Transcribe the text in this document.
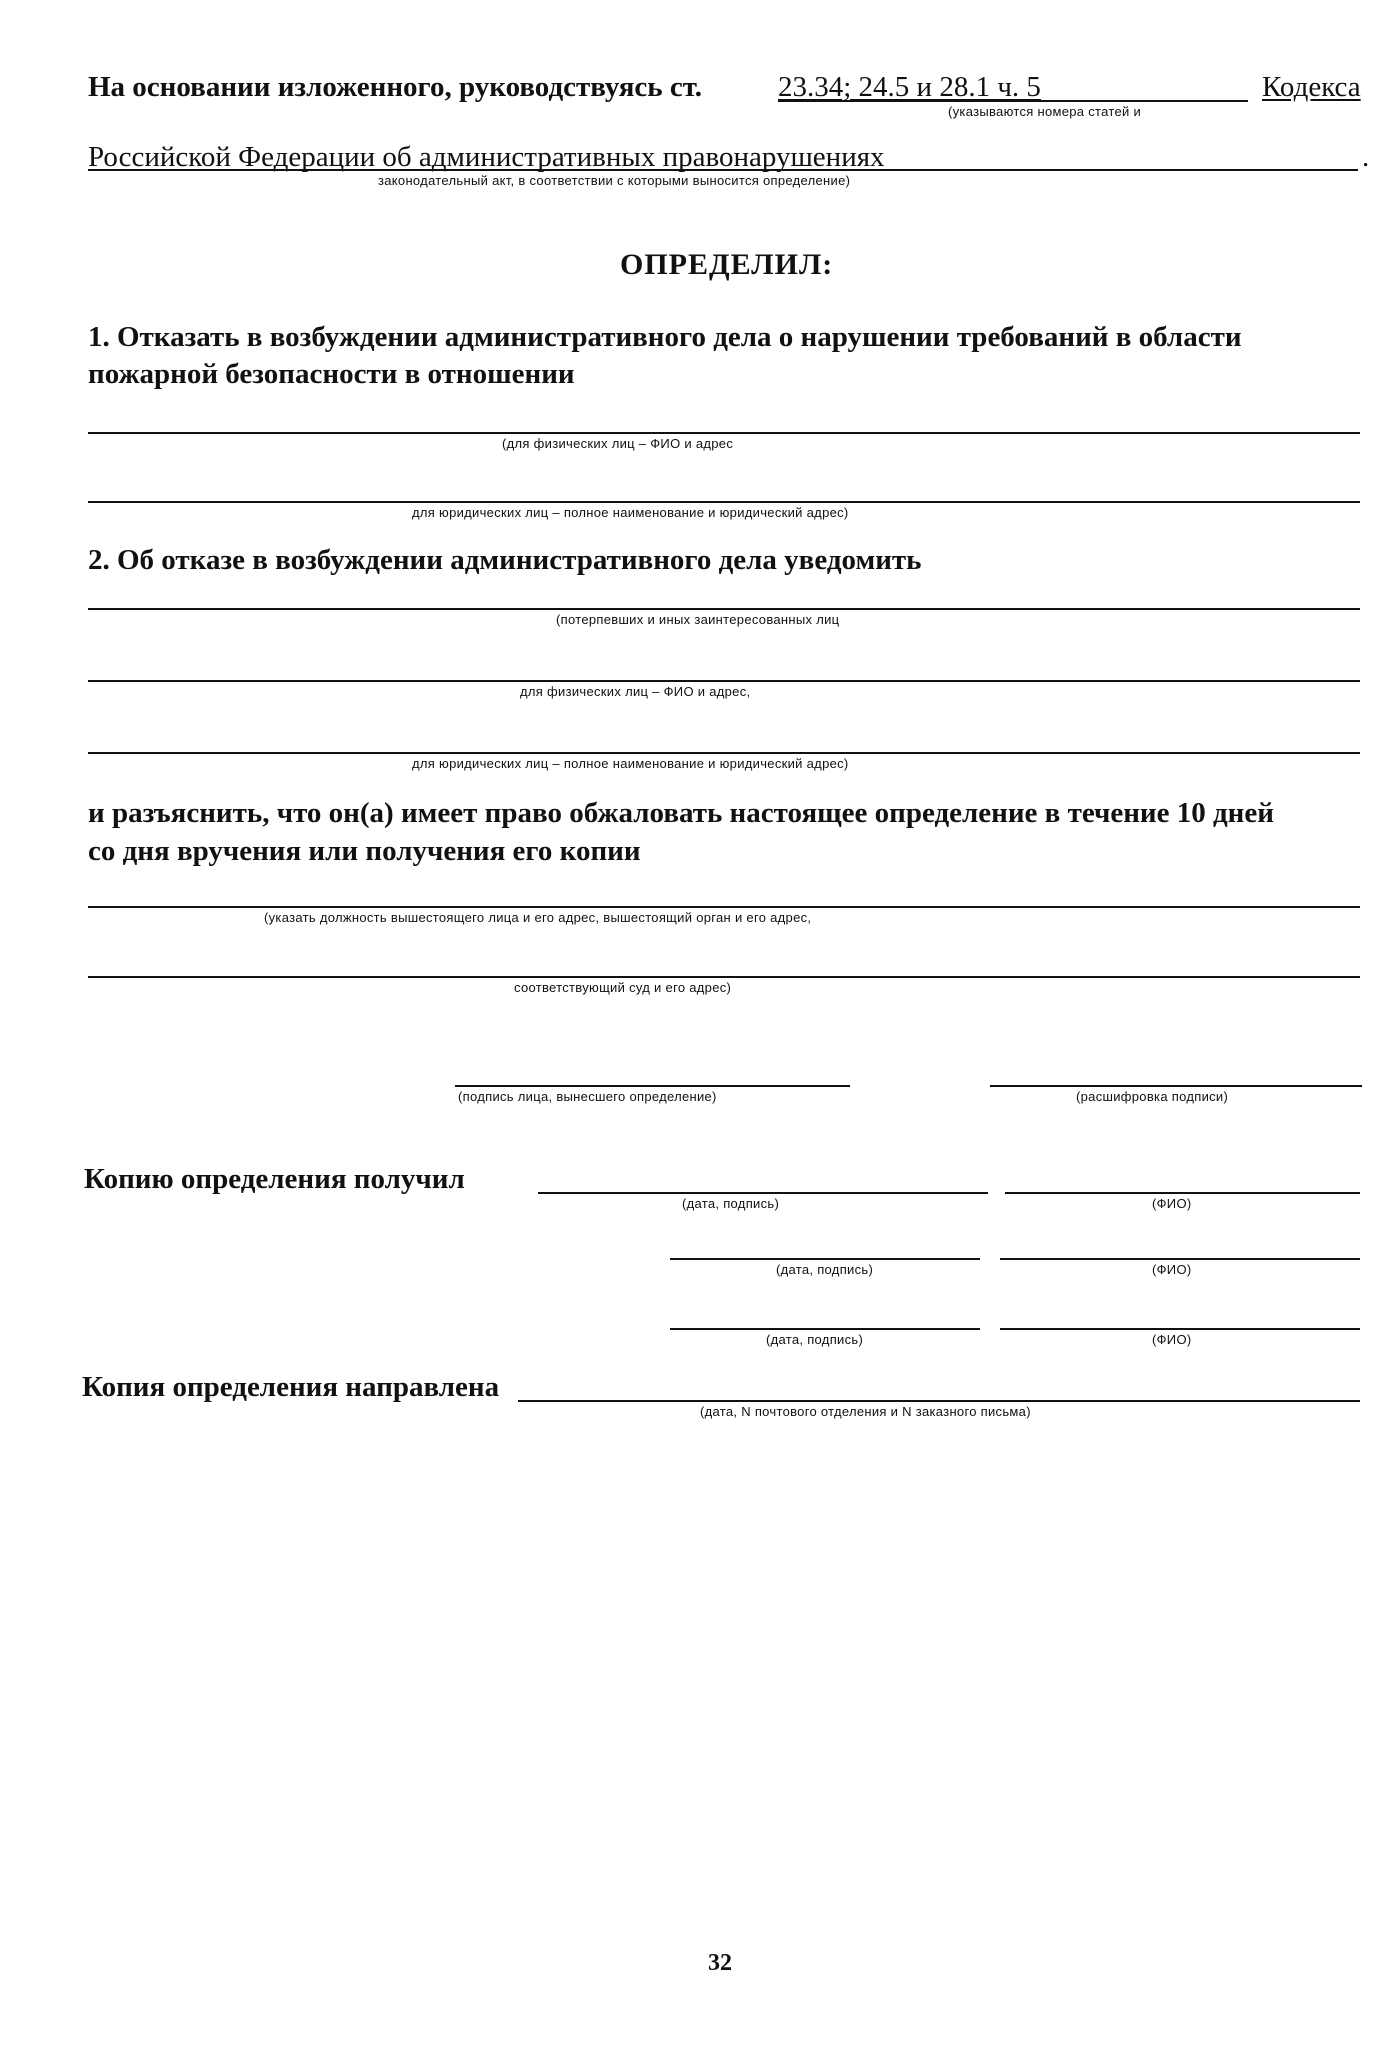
На основании изложенного, руководствуясь ст.	23.34; 24.5 и 28.1 ч. 5	Кодекса
(указываются номера статей и
Российской Федерации об административных правонарушениях	.
законодательный акт, в соответствии с которыми выносится определение)
ОПРЕДЕЛИЛ:
1. Отказать в возбуждении административного дела о нарушении требований в области
пожарной безопасности в отношении
(для физических лиц – ФИО и адрес
для юридических лиц – полное наименование и юридический адрес)
2. Об отказе в возбуждении административного дела уведомить
(потерпевших и иных заинтересованных лиц
для физических лиц – ФИО и адрес,
для юридических лиц – полное наименование и юридический адрес)
и разъяснить, что он(а) имеет право обжаловать настоящее определение в течение 10 дней
со дня вручения или получения его копии
(указать должность вышестоящего лица и его адрес, вышестоящий орган и его адрес,
соответствующий суд и его адрес)
(подпись лица, вынесшего определение)	(расшифровка подписи)
Копию определения получил
(дата, подпись)	(ФИО)
(дата, подпись)	(ФИО)
(дата, подпись)	(ФИО)
Копия определения направлена
(дата, N почтового отделения и N заказного письма)
32
